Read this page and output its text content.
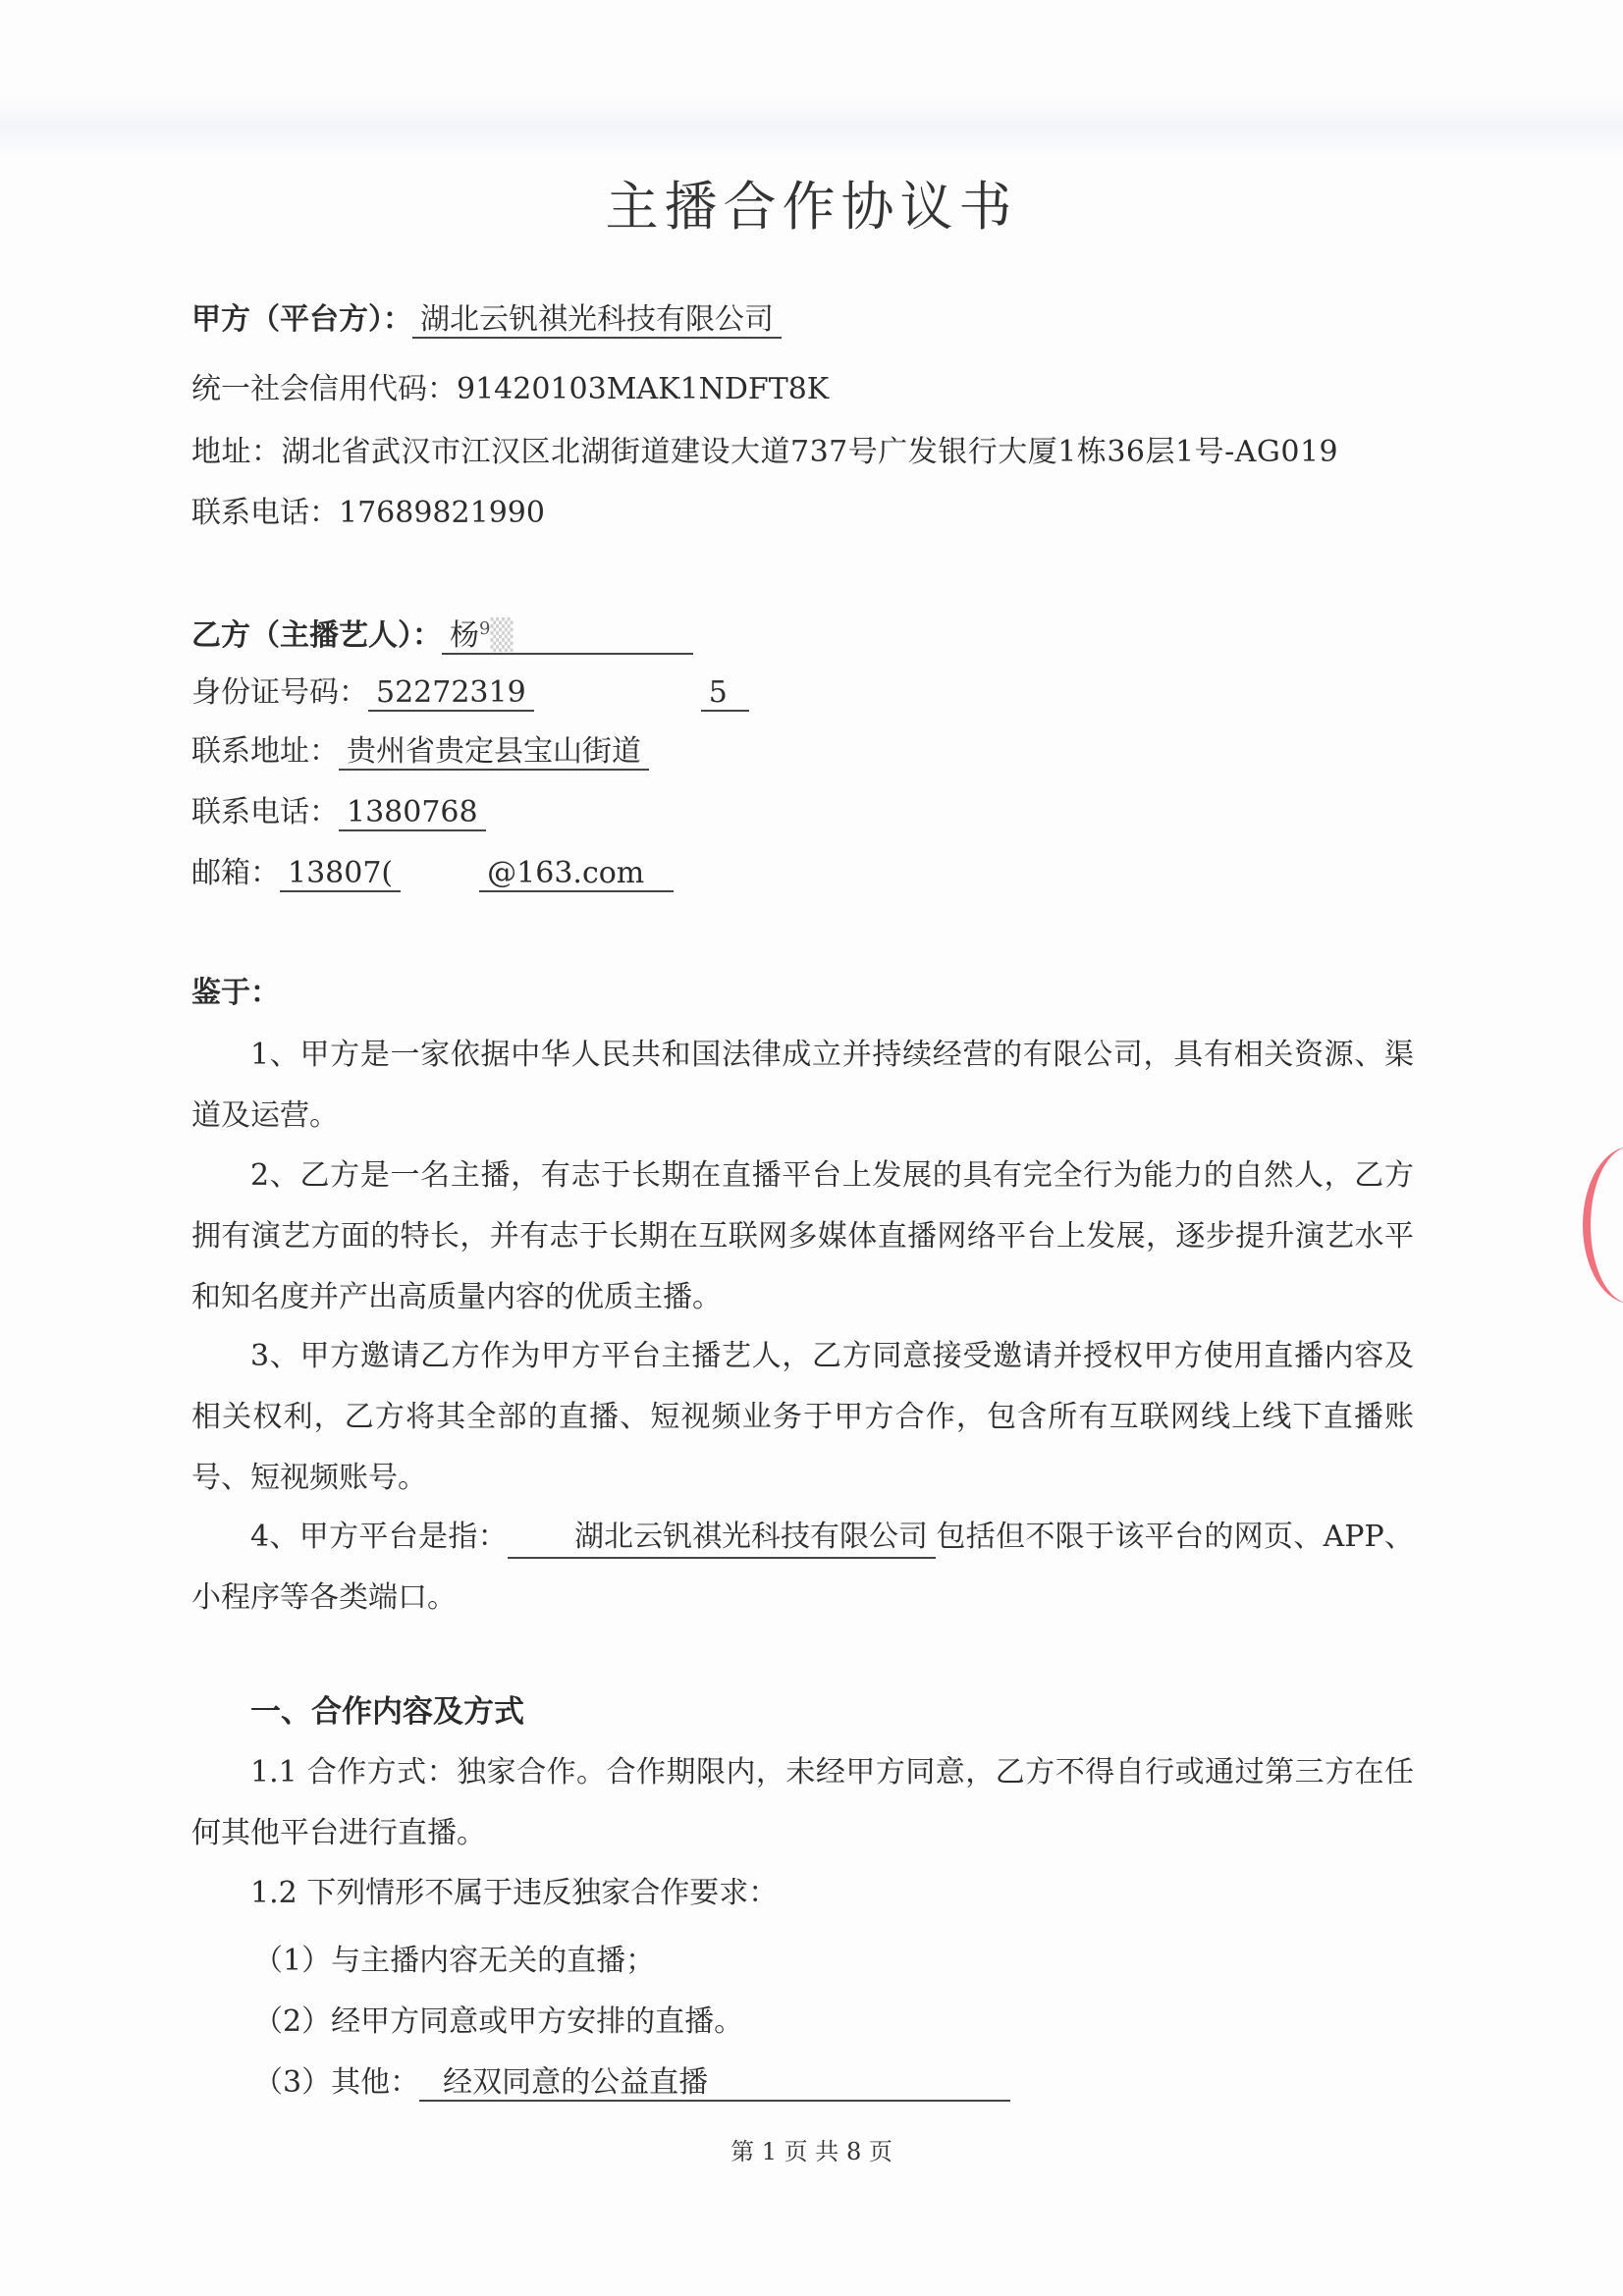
主播合作协议书
甲方（平台方）： 湖北云钒祺光科技有限公司
统一社会信用代码：91420103MAK1NDFT8K
地址：湖北省武汉市江汉区北湖街道建设大道737号广发银行大厦1栋36层1号-AG019
联系电话：17689821990
乙方（主播艺人）： 杨$^9$▒
身份证号码： 52272319	5
联系地址： 贵州省贵定县宝山街道
联系电话： 1380768
邮箱： 13807(	@163.com
鉴于：
1、甲方是一家依据中华人民共和国法律成立并持续经营的有限公司，具有相关资源、渠道及运营。
2、乙方是一名主播，有志于长期在直播平台上发展的具有完全行为能力的自然人，乙方拥有演艺方面的特长，并有志于长期在互联网多媒体直播网络平台上发展，逐步提升演艺水平和知名度并产出高质量内容的优质主播。
3、甲方邀请乙方作为甲方平台主播艺人，乙方同意接受邀请并授权甲方使用直播内容及相关权利，乙方将其全部的直播、短视频业务于甲方合作，包含所有互联网线上线下直播账号、短视频账号。
4、甲方平台是指： 湖北云钒祺光科技有限公司 包括但不限于该平台的网页、APP、小程序等各类端口。
一、合作内容及方式
1.1 合作方式：独家合作。合作期限内，未经甲方同意，乙方不得自行或通过第三方在任何其他平台进行直播。
1.2 下列情形不属于违反独家合作要求：
（1）与主播内容无关的直播；
（2）经甲方同意或甲方安排的直播。
（3）其他： 经双同意的公益直播
第 1 页 共 8 页
